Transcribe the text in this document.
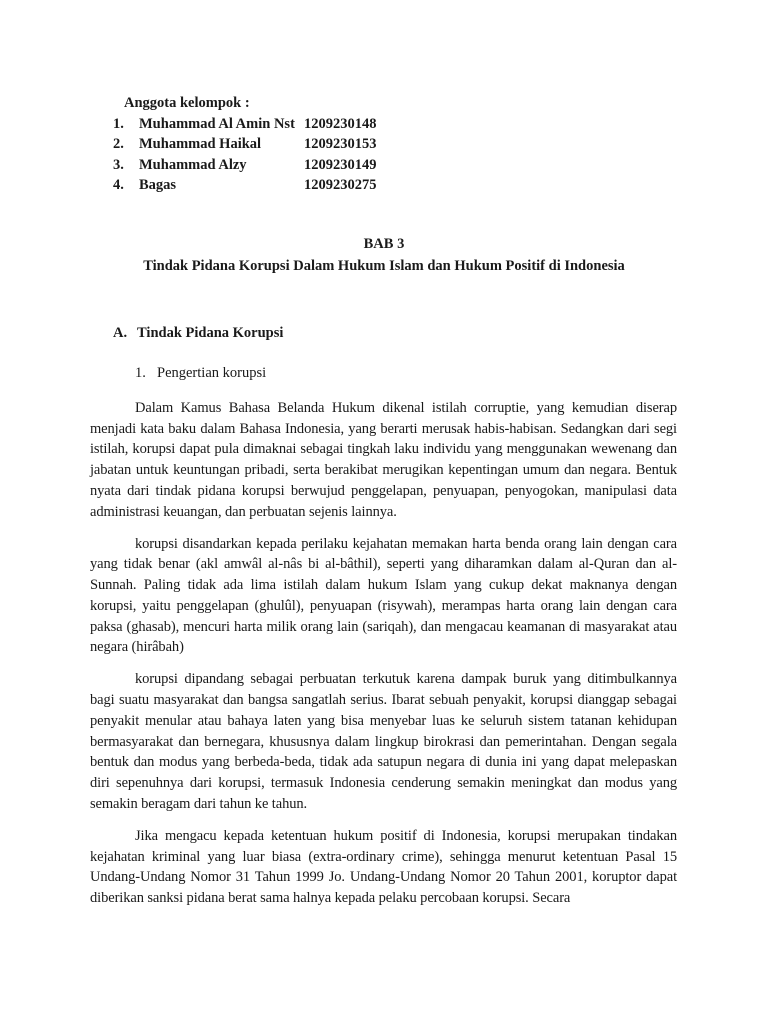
Anggota kelompok :
1.	Muhammad Al Amin Nst 1209230148
2.	Muhammad Haikal	1209230153
3.	Muhammad Alzy	1209230149
4.	Bagas	1209230275
BAB 3
Tindak Pidana Korupsi Dalam Hukum Islam dan Hukum Positif di Indonesia
A. Tindak Pidana Korupsi
1. Pengertian korupsi

Dalam Kamus Bahasa Belanda Hukum dikenal istilah corruptie, yang kemudian diserap menjadi kata baku dalam Bahasa Indonesia, yang berarti merusak habis-habisan. Sedangkan dari segi istilah, korupsi dapat pula dimaknai sebagai tingkah laku individu yang menggunakan wewenang dan jabatan untuk keuntungan pribadi, serta berakibat merugikan kepentingan umum dan negara. Bentuk nyata dari tindak pidana korupsi berwujud penggelapan, penyuapan, penyogokan, manipulasi data administrasi keuangan, dan perbuatan sejenis lainnya.

korupsi disandarkan kepada perilaku kejahatan memakan harta benda orang lain dengan cara yang tidak benar (akl amwâl al-nâs bi al-bâthil), seperti yang diharamkan dalam al-Quran dan al-Sunnah. Paling tidak ada lima istilah dalam hukum Islam yang cukup dekat maknanya dengan korupsi, yaitu penggelapan (ghulûl), penyuapan (risywah), merampas harta orang lain dengan cara paksa (ghasab), mencuri harta milik orang lain (sariqah), dan mengacau keamanan di masyarakat atau negara (hirâbah)

korupsi dipandang sebagai perbuatan terkutuk karena dampak buruk yang ditimbulkannya bagi suatu masyarakat dan bangsa sangatlah serius. Ibarat sebuah penyakit, korupsi dianggap sebagai penyakit menular atau bahaya laten yang bisa menyebar luas ke seluruh sistem tatanan kehidupan bermasyarakat dan bernegara, khususnya dalam lingkup birokrasi dan pemerintahan. Dengan segala bentuk dan modus yang berbeda-beda, tidak ada satupun negara di dunia ini yang dapat melepaskan diri sepenuhnya dari korupsi, termasuk Indonesia cenderung semakin meningkat dan modus yang semakin beragam dari tahun ke tahun.

Jika mengacu kepada ketentuan hukum positif di Indonesia, korupsi merupakan tindakan kejahatan kriminal yang luar biasa (extra-ordinary crime), sehingga menurut ketentuan Pasal 15 Undang-Undang Nomor 31 Tahun 1999 Jo. Undang-Undang Nomor 20 Tahun 2001, koruptor dapat diberikan sanksi pidana berat sama halnya kepada pelaku percobaan korupsi. Secara
